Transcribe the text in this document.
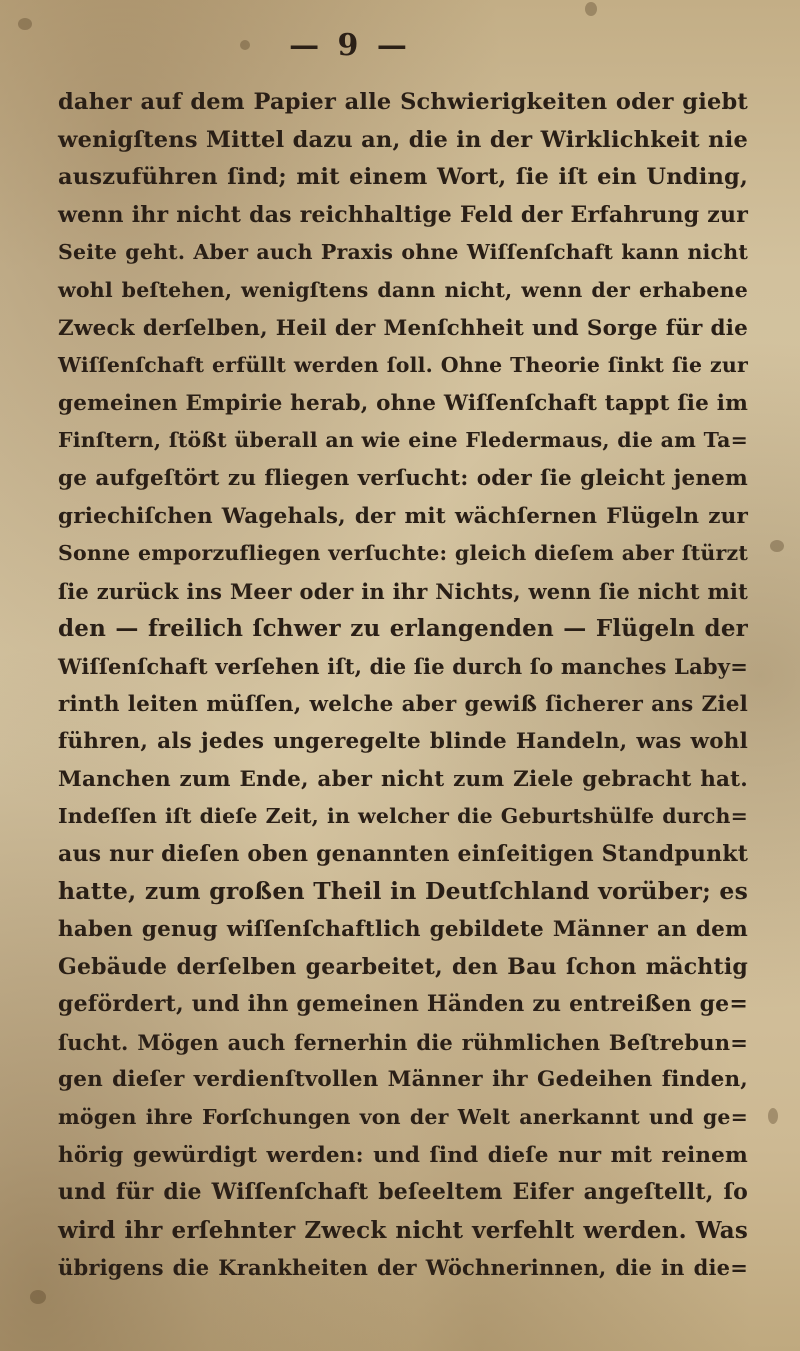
— 9 —
daher auf dem Papier alle Schwierigkeiten oder giebt
wenigſtens Mittel dazu an, die in der Wirklichkeit nie
auszuführen ſind; mit einem Wort, ſie iſt ein Unding,
wenn ihr nicht das reichhaltige Feld der Erfahrung zur
Seite geht. Aber auch Praxis ohne Wiſſenſchaft kann nicht
wohl beſtehen, wenigſtens dann nicht, wenn der erhabene
Zweck derſelben, Heil der Menſchheit und Sorge für die
Wiſſenſchaft erfüllt werden ſoll. Ohne Theorie ſinkt ſie zur
gemeinen Empirie herab, ohne Wiſſenſchaft tappt ſie im
Finſtern, ſtößt überall an wie eine Fledermaus, die am Ta=
ge aufgeſtört zu fliegen verſucht: oder ſie gleicht jenem
griechiſchen Wagehals, der mit wächſernen Flügeln zur
Sonne emporzufliegen verſuchte: gleich dieſem aber ſtürzt
ſie zurück ins Meer oder in ihr Nichts, wenn ſie nicht mit
den — freilich ſchwer zu erlangenden — Flügeln der
Wiſſenſchaft verſehen iſt, die ſie durch ſo manches Laby=
rinth leiten müſſen, welche aber gewiß ſicherer ans Ziel
führen, als jedes ungeregelte blinde Handeln, was wohl
Manchen zum Ende, aber nicht zum Ziele gebracht hat.
Indeſſen iſt dieſe Zeit, in welcher die Geburtshülfe durch=
aus nur dieſen oben genannten einſeitigen Standpunkt
hatte, zum großen Theil in Deutſchland vorüber; es
haben genug wiſſenſchaftlich gebildete Männer an dem
Gebäude derſelben gearbeitet, den Bau ſchon mächtig
gefördert, und ihn gemeinen Händen zu entreißen ge=
ſucht. Mögen auch fernerhin die rühmlichen Beſtrebun=
gen dieſer verdienſtvollen Männer ihr Gedeihen finden,
mögen ihre Forſchungen von der Welt anerkannt und ge=
hörig gewürdigt werden: und ſind dieſe nur mit reinem
und für die Wiſſenſchaft beſeeltem Eifer angeſtellt, ſo
wird ihr erſehnter Zweck nicht verfehlt werden. Was
übrigens die Krankheiten der Wöchnerinnen, die in die=
